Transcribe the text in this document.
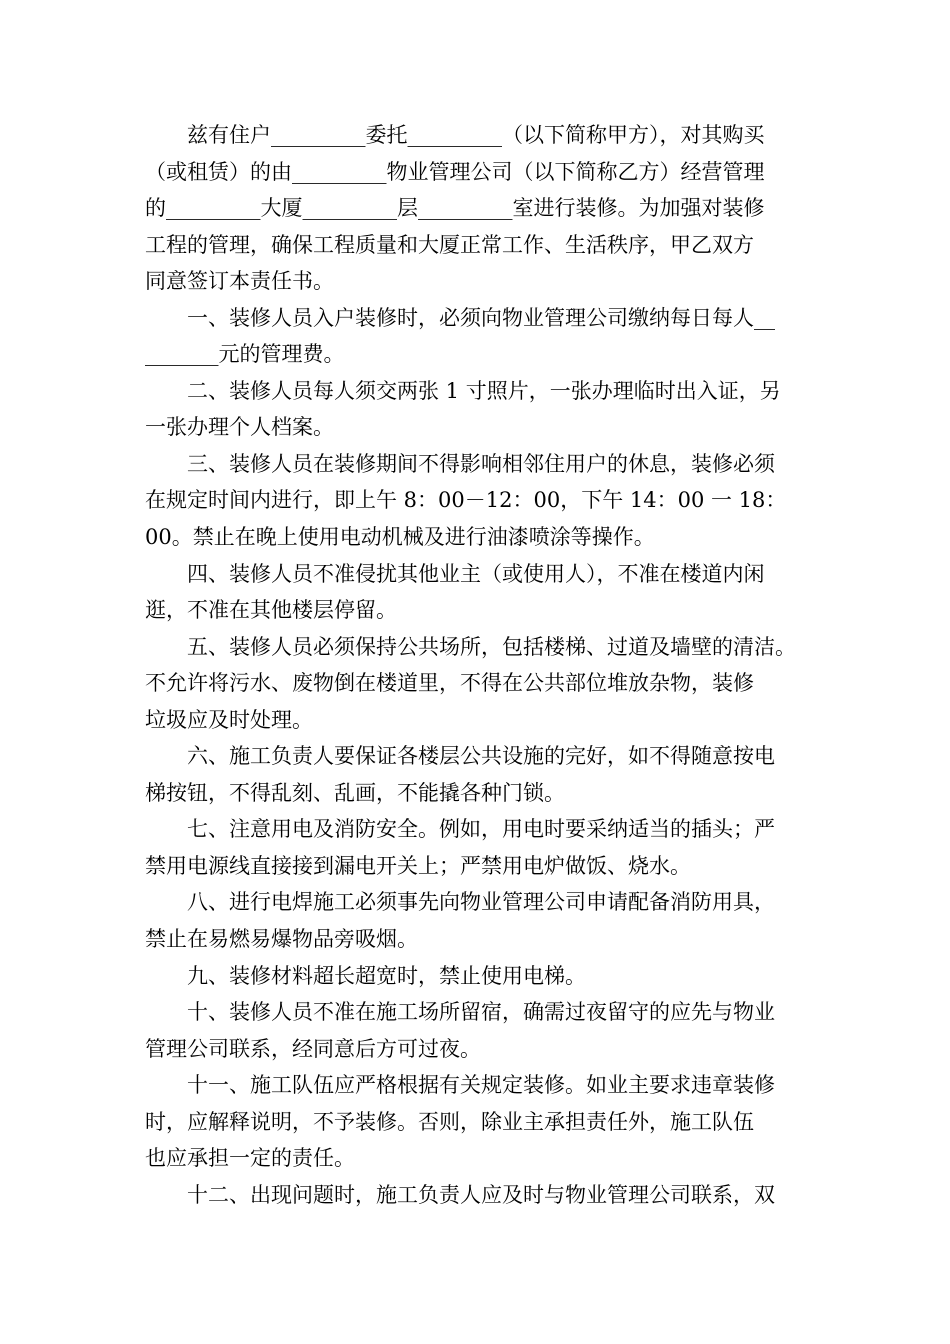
兹有住户_________委托_________（以下简称甲方），对其购买
（或租赁）的由_________物业管理公司（以下简称乙方）经营管理
的_________大厦_________层_________室进行装修。为加强对装修
工程的管理，确保工程质量和大厦正常工作、生活秩序，甲乙双方
同意签订本责任书。
一、装修人员入户装修时，必须向物业管理公司缴纳每日每人__
_______元的管理费。
二、装修人员每人须交两张 1 寸照片，一张办理临时出入证，另
一张办理个人档案。
三、装修人员在装修期间不得影响相邻住用户的休息，装修必须
在规定时间内进行，即上午 8：00－12：00，下午 14：00 一 18：
00。禁止在晚上使用电动机械及进行油漆喷涂等操作。
四、装修人员不准侵扰其他业主（或使用人），不准在楼道内闲
逛，不准在其他楼层停留。
五、装修人员必须保持公共场所，包括楼梯、过道及墙壁的清洁。
不允许将污水、废物倒在楼道里，不得在公共部位堆放杂物，装修
垃圾应及时处理。
六、施工负责人要保证各楼层公共设施的完好，如不得随意按电
梯按钮，不得乱刻、乱画，不能撬各种门锁。
七、注意用电及消防安全。例如，用电时要采纳适当的插头；严
禁用电源线直接接到漏电开关上；严禁用电炉做饭、烧水。
八、进行电焊施工必须事先向物业管理公司申请配备消防用具，
禁止在易燃易爆物品旁吸烟。
九、装修材料超长超宽时，禁止使用电梯。
十、装修人员不准在施工场所留宿，确需过夜留守的应先与物业
管理公司联系，经同意后方可过夜。
十一、施工队伍应严格根据有关规定装修。如业主要求违章装修
时，应解释说明，不予装修。否则，除业主承担责任外，施工队伍
也应承担一定的责任。
十二、出现问题时，施工负责人应及时与物业管理公司联系，双
